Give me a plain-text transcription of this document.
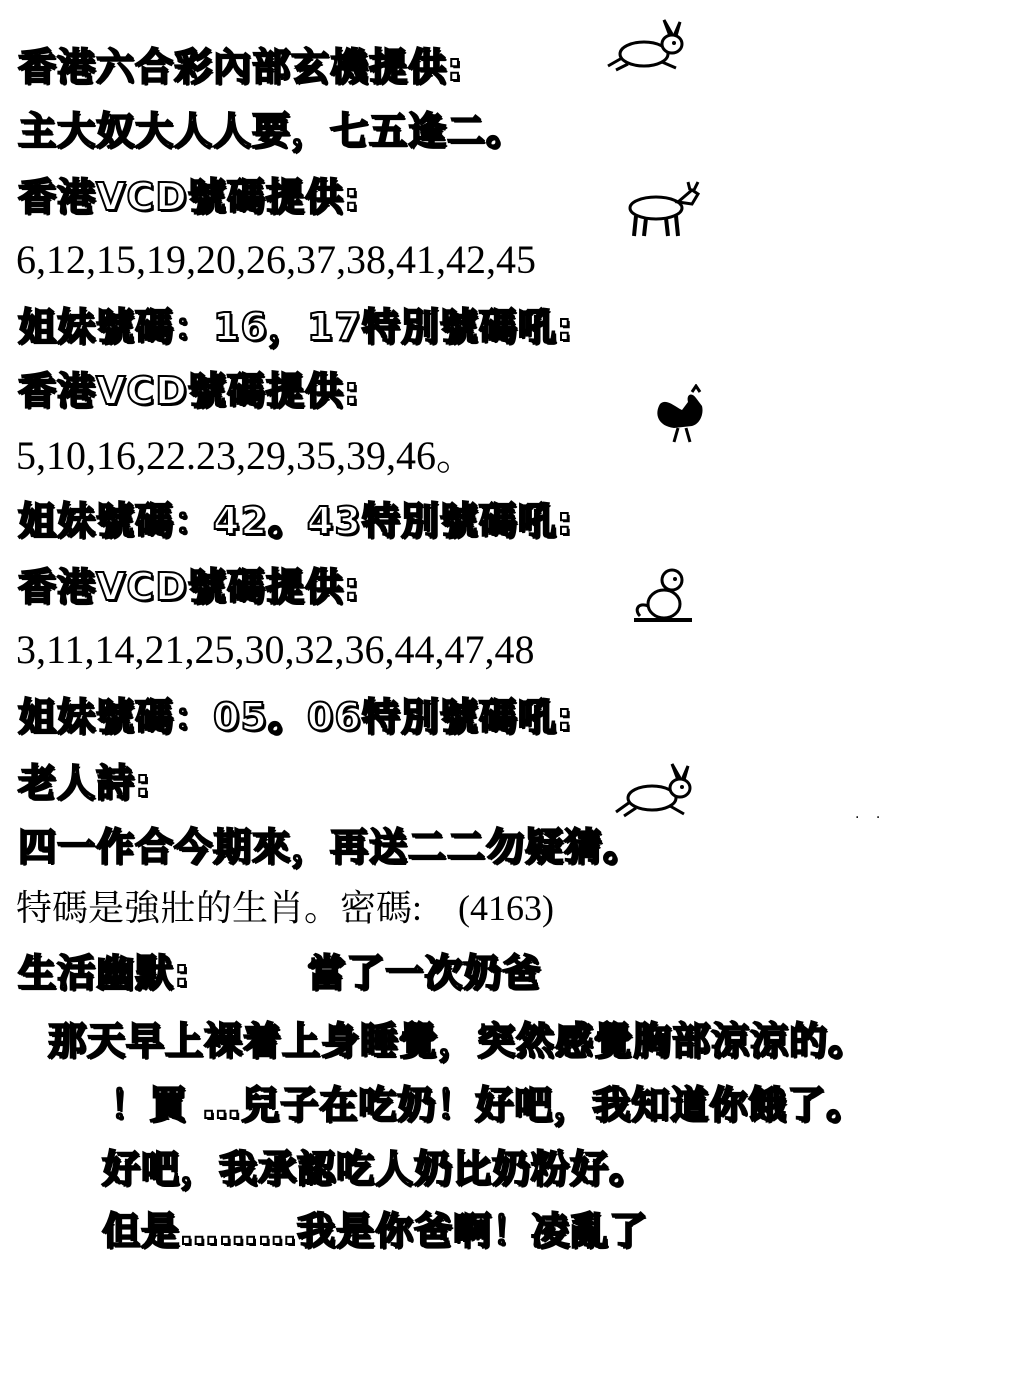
香港六合彩內部玄機提供:
主大奴大人人要，七五逢二。
香港VCD號碼提供:
6,12,15,19,20,26,37,38,41,42,45
姐妹號碼：16，17特別號碼吼:
香港VCD號碼提供:
5,10,16,22.23,29,35,39,46。
姐妹號碼：42。43特別號碼吼:
香港VCD號碼提供:
3,11,14,21,25,30,32,36,44,47,48
姐妹號碼：05。06特別號碼吼:
老人詩:
四一作合今期來，再送二二勿疑猜。
特碼是強壯的生肖。密碼:　(4163)
生活幽默:　　　當了一次奶爸
那天早上裸着上身睡覺，突然感覺胸部涼涼的。
！買 …兒子在吃奶！好吧，我知道你餓了。
好吧，我承認吃人奶比奶粉好。
但是………我是你爸啊！凌亂了
· ·
